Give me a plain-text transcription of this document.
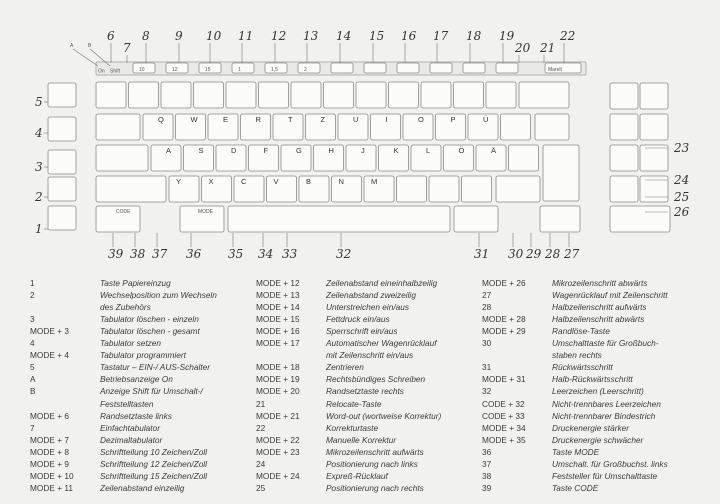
On Shift	10	12	15	1	1,5	2	Marelt
Q	W	E	R	T	Z	U	I	O	P	Ü
A	S	D	F	G	H	J	K	L	Ö	Ä
Y	X	C	V	B	N	M
CODE	MODE
A	B
6
7
8 9 10 11 12 13 14 15 16 17 18 19
20 21
22
5
4
3
2
1
39 38 37 36 35 34 33	32	31 30 29 28 27
23
24
25
26
1	Taste Papiereinzug
2	Wechselposition zum Wechseln
des Zubehörs
3	Tabulator löschen - einzeln
MODE + 3	Tabulator löschen - gesamt
4	Tabulator setzen
MODE + 4	Tabulator programmiert
5	Tastatur – EIN-/ AUS-Schalter
A	Betriebsanzeige On
B	Anzeige Shift für Umschalt-/
Feststelltasten
MODE + 6	Randsetztaste links
7	Einfachtabulator
MODE + 7	Dezimaltabulator
MODE + 8	Schriftteilung 10 Zeichen/Zoll
MODE + 9	Schriftteilung 12 Zeichen/Zoll
MODE + 10	Schriftteilung 15 Zeichen/Zoll
MODE + 11	Zeilenabstand einzeilig
MODE + 12	Zeilenabstand eineinhalbzeilig
MODE + 13	Zeilenabstand zweizeilig
MODE + 14	Unterstreichen ein/aus
MODE + 15	Fettdruck ein/aus
MODE + 16	Sperrschrift ein/aus
MODE + 17	Automatischer Wagenrücklauf
mit Zeilenschritt ein/aus
MODE + 18	Zentrieren
MODE + 19	Rechtsbündiges Schreiben
MODE + 20	Randsetztaste rechts
21	Relocate-Taste
MODE + 21	Word-out (wortweise Korrektur)
22	Korrekturtaste
MODE + 22	Manuelle Korrektur
MODE + 23	Mikrozeilenschritt aufwärts
24	Positionierung nach links
MODE + 24	Expreß-Rücklauf
25	Positionierung nach rechts
MODE + 26	Mikrozeilenschritt abwärts
27	Wagenrücklauf mit Zeilenschritt
28	Halbzeilenschritt aufwärts
MODE + 28	Halbzeilenschritt abwärts
MODE + 29	Randlöse-Taste
30	Umschalttaste für Großbuch-
staben rechts
31	Rückwärtsschritt
MODE + 31	Halb-Rückwärtsschritt
32	Leerzeichen (Leerschritt)
CODE + 32	Nicht-trennbares Leerzeichen
CODE + 33	Nicht-trennbarer Bindestrich
MODE + 34	Druckenergie stärker
MODE + 35	Druckenergie schwächer
36	Taste MODE
37	Umschalt. für Großbuchst. links
38	Feststeller für Umschalttaste
39	Taste CODE
